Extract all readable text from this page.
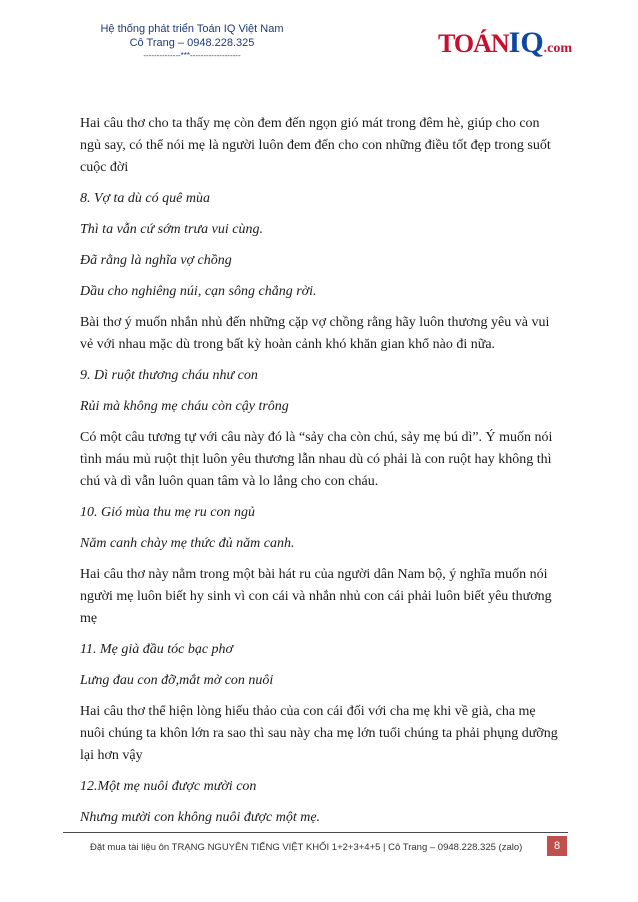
Hệ thống phát triển Toán IQ Việt Nam
Cô Trang – 0948.228.325
--------------***-------------------	TOÁNIQ.com

Hai câu thơ cho ta thấy mẹ còn đem đến ngọn gió mát trong đêm hè, giúp cho con ngủ say, có thể nói mẹ là người luôn đem đến cho con những điều tốt đẹp trong suốt cuộc đời

8. Vợ ta dù có quê mùa

Thì ta vẫn cứ sớm trưa vui cùng.

Đã rằng là nghĩa vợ chồng

Dầu cho nghiêng núi, cạn sông chẳng rời.

Bài thơ ý muốn nhắn nhủ đến những cặp vợ chồng rằng hãy luôn thương yêu và vui vẻ với nhau mặc dù trong bất kỳ hoàn cảnh khó khăn gian khổ nào đi nữa.

9. Dì ruột thương cháu như con

Rủi mà không mẹ cháu còn cậy trông

Có một câu tương tự với câu này đó là “sảy cha còn chú, sảy mẹ bú dì”. Ý muốn nói tình máu mủ ruột thịt luôn yêu thương lẫn nhau dù có phải là con ruột hay không thì chú và dì vẫn luôn quan tâm và lo lắng cho con cháu.

10. Gió mùa thu mẹ ru con ngủ

Năm canh chày mẹ thức đủ năm canh.

Hai câu thơ này nằm trong một bài hát ru của người dân Nam bộ, ý nghĩa muốn nói người mẹ luôn biết hy sinh vì con cái và nhắn nhủ con cái phải luôn biết yêu thương mẹ

11. Mẹ già đầu tóc bạc phơ

Lưng đau con đỡ,mắt mờ con nuôi

Hai câu thơ thể hiện lòng hiếu thảo của con cái đối với cha mẹ khi về già, cha mẹ nuôi chúng ta khôn lớn ra sao thì sau này cha mẹ lớn tuổi chúng ta phải phụng dưỡng lại hơn vậy

12.Một mẹ nuôi được mười con

Nhưng mười con không nuôi được một mẹ.

Đặt mua tài liệu ôn TRẠNG NGUYÊN TIẾNG VIỆT KHỐI 1+2+3+4+5 | Cô Trang – 0948.228.325 (zalo)	8
